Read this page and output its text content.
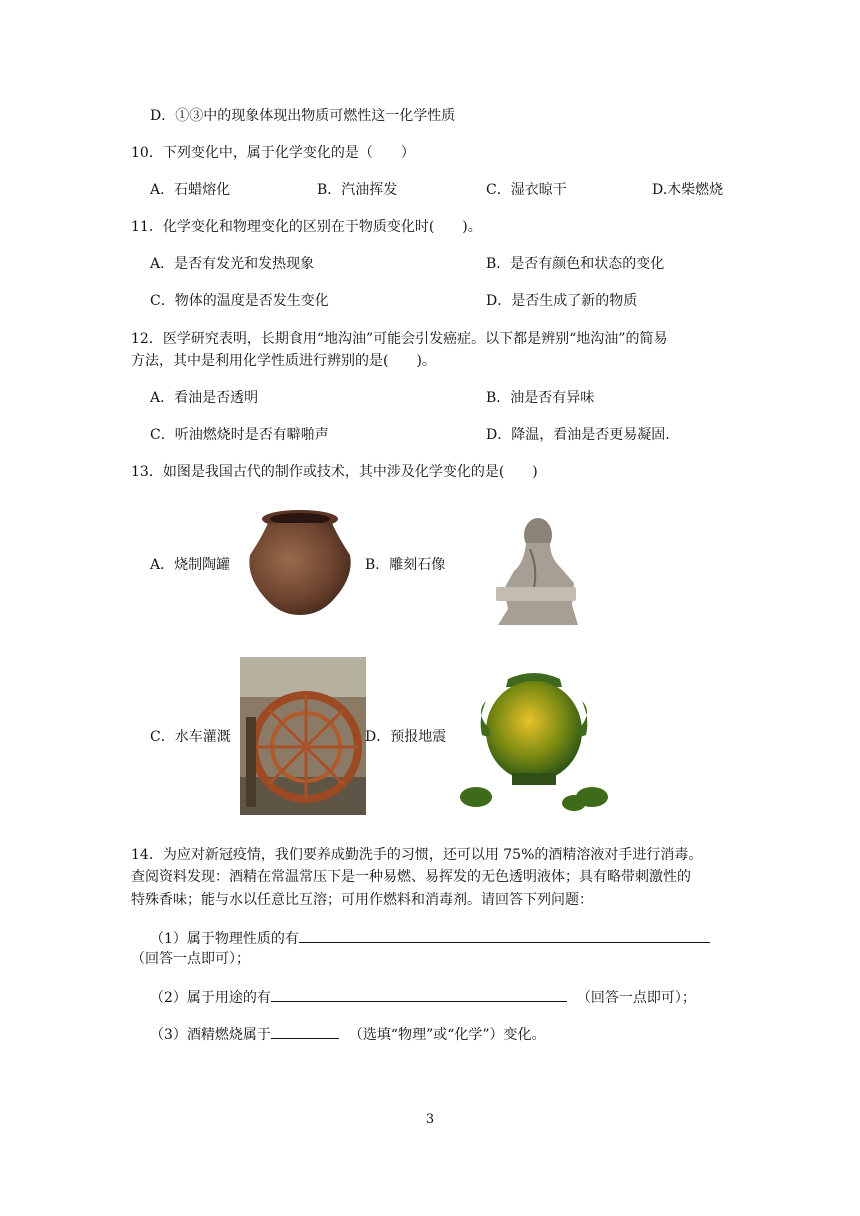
D．①③中的现象体现出物质可燃性这一化学性质
10．下列变化中，属于化学变化的是（　　）
A．石蜡熔化	B．汽油挥发	C．湿衣晾干	D.木柴燃烧
11．化学变化和物理变化的区别在于物质变化时(　　)。
A．是否有发光和发热现象	B．是否有颜色和状态的变化
C．物体的温度是否发生变化	D．是否生成了新的物质
12．医学研究表明，长期食用“地沟油”可能会引发癌症。以下都是辨别“地沟油”的简易
方法，其中是利用化学性质进行辨别的是(　　)。
A．看油是否透明	B．油是否有异味
C．听油燃烧时是否有噼啪声	D．降温，看油是否更易凝固.
13．如图是我国古代的制作或技术，其中涉及化学变化的是(　　)
A．烧制陶罐	B．雕刻石像
C．水车灌溉	D．预报地震
14．为应对新冠疫情，我们要养成勤洗手的习惯，还可以用 75%的酒精溶液对手进行消毒。
查阅资料发现：酒精在常温常压下是一种易燃、易挥发的无色透明液体；具有略带刺激性的
特殊香味；能与水以任意比互溶；可用作燃料和消毒剂。请回答下列问题：
（1）属于物理性质的有
（回答一点即可）；
（2）属于用途的有	（回答一点即可）；
（3）酒精燃烧属于	（选填“物理”或“化学”）变化。
3
